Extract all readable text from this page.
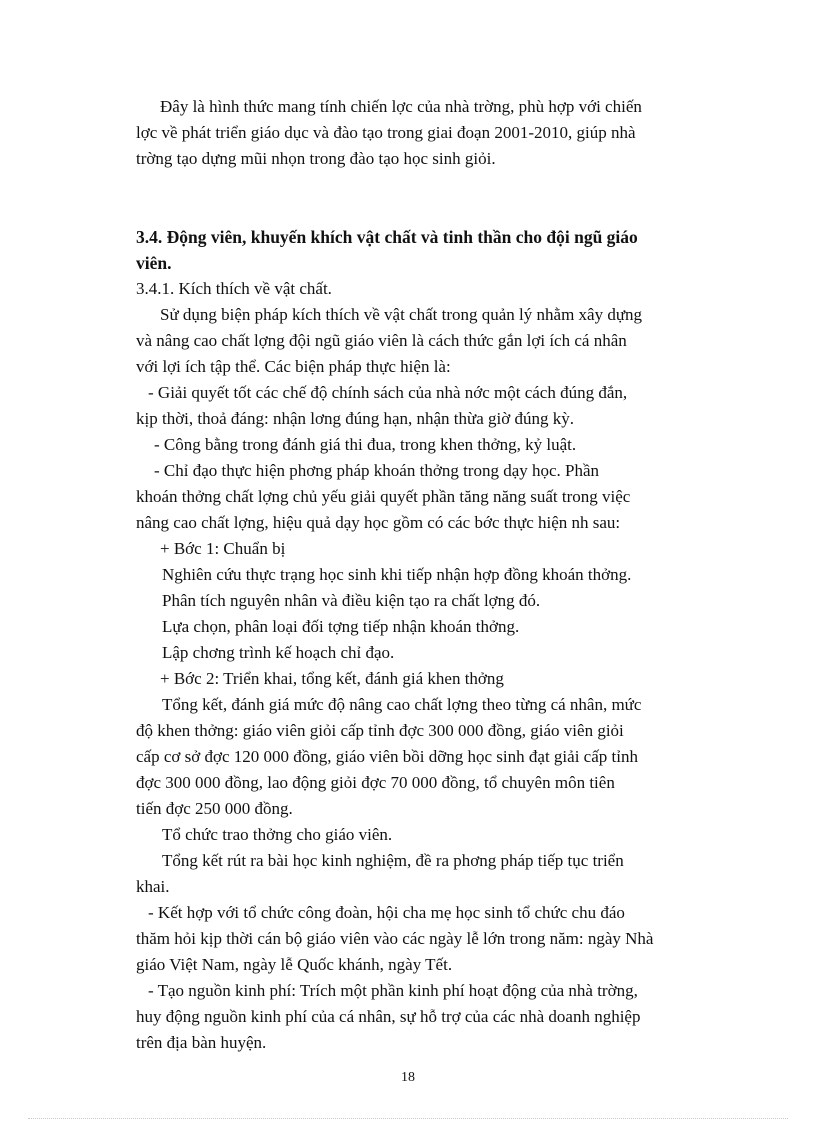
Đây là hình thức mang tính chiến lợc của nhà trờng, phù hợp với chiến
lợc về phát triển giáo dục và đào tạo trong giai đoạn 2001-2010, giúp nhà
trờng tạo dựng mũi nhọn trong đào tạo học sinh giỏi.
3.4. Động viên, khuyến khích vật chất và tinh thần cho đội ngũ giáo
viên.
3.4.1. Kích thích về vật chất.
Sử dụng biện pháp kích thích về vật chất trong quản lý nhằm xây dựng
và nâng cao chất lợng đội ngũ giáo viên là cách thức gắn lợi ích cá nhân
với lợi ích tập thể. Các biện pháp thực hiện là:
- Giải quyết tốt các chế độ chính sách của nhà nớc một cách đúng đắn,
kịp thời, thoả đáng: nhận lơng đúng hạn, nhận thừa giờ đúng kỳ.
- Công bằng trong đánh giá thi đua, trong khen thởng, kỷ luật.
- Chỉ đạo thực hiện phơng pháp khoán thởng trong dạy học. Phần
khoán thởng chất lợng chủ yếu giải quyết phần tăng năng suất trong việc
nâng cao chất lợng, hiệu quả dạy học gồm có các bớc thực hiện nh sau:
+ Bớc 1: Chuẩn bị
Nghiên cứu thực trạng học sinh khi tiếp nhận hợp đồng khoán thởng.
Phân tích nguyên nhân và điều kiện tạo ra chất lợng đó.
Lựa chọn, phân loại đối tợng tiếp nhận khoán thởng.
Lập chơng trình kế hoạch chỉ đạo.
+ Bớc 2: Triển khai, tổng kết, đánh giá khen thởng
Tổng kết, đánh giá mức độ nâng cao chất lợng theo từng cá nhân, mức
độ khen thởng: giáo viên giỏi cấp tỉnh đợc 300 000 đồng, giáo viên giỏi
cấp cơ sở đợc 120 000 đồng, giáo viên bồi dỡng học sinh đạt giải cấp tỉnh
đợc 300 000 đồng, lao động giỏi đợc 70 000 đồng, tổ chuyên môn tiên
tiến đợc 250 000 đồng.
Tổ chức trao thởng cho giáo viên.
Tổng kết rút ra bài học kinh nghiệm, đề ra phơng pháp tiếp tục triển
khai.
- Kết hợp với tổ chức công đoàn, hội cha mẹ học sinh tổ chức chu đáo
thăm hỏi kịp thời cán bộ giáo viên vào các ngày lễ lớn trong năm: ngày Nhà
giáo Việt Nam, ngày lễ Quốc khánh, ngày Tết.
- Tạo nguồn kinh phí: Trích một phần kinh phí hoạt động của nhà trờng,
huy động nguồn kinh phí của cá nhân, sự hỗ trợ của các nhà doanh nghiệp
trên địa bàn huyện.
18
